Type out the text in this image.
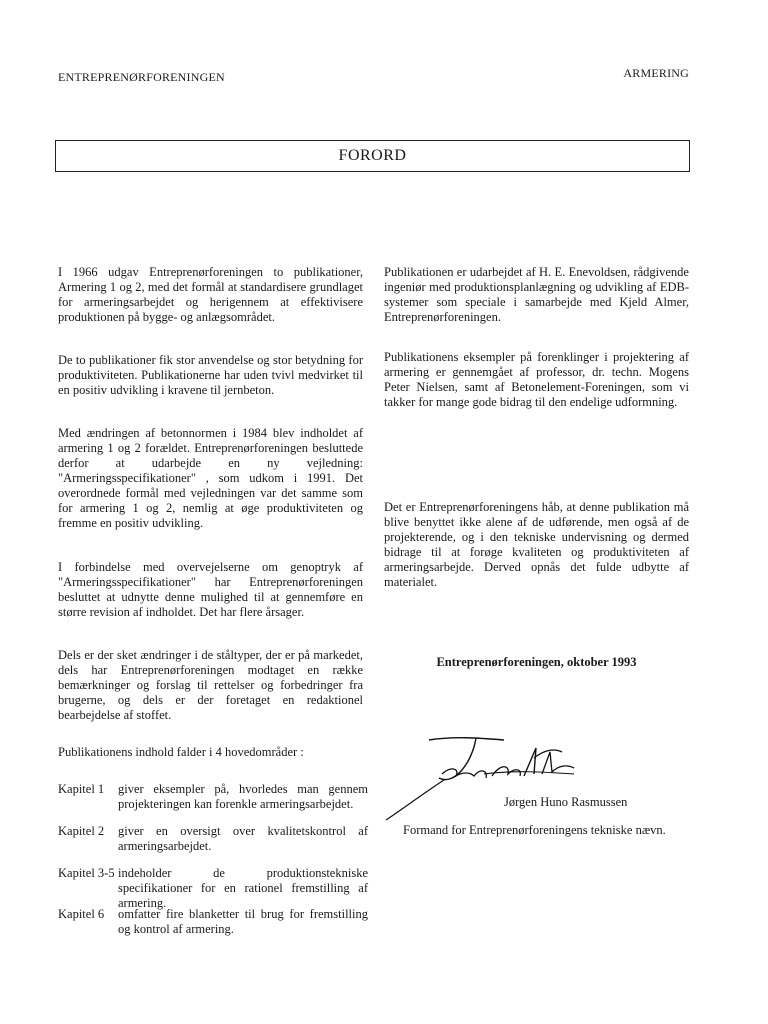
ENTREPRENØRFORENINGEN	ARMERING
FORORD

I 1966 udgav Entreprenørforeningen to publikationer, Armering 1 og 2, med det formål at standardisere grundlaget for armeringsarbejdet og herigennem at effektivisere produktionen på bygge- og anlægsområdet.

De to publikationer fik stor anvendelse og stor betydning for produktiviteten. Publikationerne har uden tvivl medvirket til en positiv udvikling i kravene til jernbeton.

Med ændringen af betonnormen i 1984 blev indholdet af armering 1 og 2 forældet. Entreprenørforeningen besluttede derfor at udarbejde en ny vejledning: "Armeringsspecifikationer" , som udkom i 1991. Det overordnede formål med vejledningen var det samme som for armering 1 og 2, nemlig at øge produktiviteten og fremme en positiv udvikling.

I forbindelse med overvejelserne om genoptryk af "Armeringsspecifikationer" har Entreprenørforeningen besluttet at udnytte denne mulighed til at gennemføre en større revision af indholdet. Det har flere årsager.

Dels er der sket ændringer i de ståltyper, der er på markedet, dels har Entreprenørforeningen modtaget en række bemærkninger og forslag til rettelser og forbedringer fra brugerne, og dels er der foretaget en redaktionel bearbejdelse af stoffet.

Publikationens indhold falder i 4 hovedområder :

Kapitel 1	giver eksempler på, hvorledes man gennem projekteringen kan forenkle armeringsarbejdet.
Kapitel 2	giver en oversigt over kvalitetskontrol af armeringsarbejdet.
Kapitel 3-5 indeholder de produktionstekniske specifikationer for en rationel fremstilling af armering.
Kapitel 6	omfatter fire blanketter til brug for fremstilling og kontrol af armering.

Publikationen er udarbejdet af H. E. Enevoldsen, rådgivende ingeniør med produktionsplanlægning og udvikling af EDB-systemer som speciale i samarbejde med Kjeld Almer, Entreprenørforeningen.

Publikationens eksempler på forenklinger i projektering af armering er gennemgået af professor, dr. techn. Mogens Peter Nielsen, samt af Betonelement-Foreningen, som vi takker for mange gode bidrag til den endelige udformning.

Det er Entreprenørforeningens håb, at denne publikation må blive benyttet ikke alene af de udførende, men også af de projekterende, og i den tekniske undervisning og dermed bidrage til at forøge kvaliteten og produktiviteten af armeringsarbejde. Derved opnås det fulde udbytte af materialet.

Entreprenørforeningen, oktober 1993
Jørgen Huno Rasmussen
Formand for Entreprenørforeningens tekniske nævn.
